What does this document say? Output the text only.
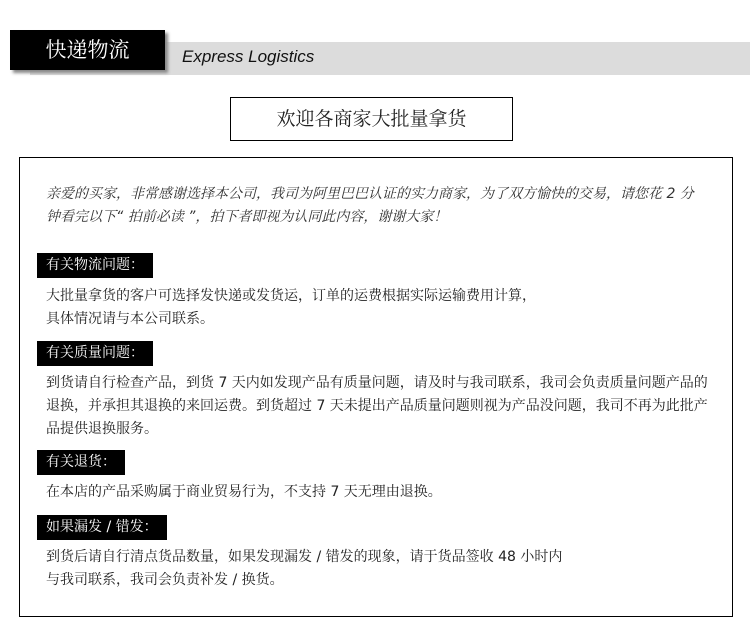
快递物流	Express Logistics
欢迎各商家大批量拿货
亲爱的买家，非常感谢选择本公司，我司为阿里巴巴认证的实力商家，为了双方愉快的交易，请您花 2 分钟看完以下“ 拍前必读 ”，拍下者即视为认同此内容，谢谢大家！
有关物流问题：
大批量拿货的客户可选择发快递或发货运，订单的运费根据实际运输费用计算，
具体情况请与本公司联系。
有关质量问题：
到货请自行检查产品，到货 7 天内如发现产品有质量问题，请及时与我司联系，我司会负责质量问题产品的退换，并承担其退换的来回运费。到货超过 7 天未提出产品质量问题则视为产品没问题，我司不再为此批产品提供退换服务。
有关退货：
在本店的产品采购属于商业贸易行为，不支持 7 天无理由退换。
如果漏发 / 错发：
到货后请自行清点货品数量，如果发现漏发 / 错发的现象，请于货品签收 48 小时内
与我司联系，我司会负责补发 / 换货。
